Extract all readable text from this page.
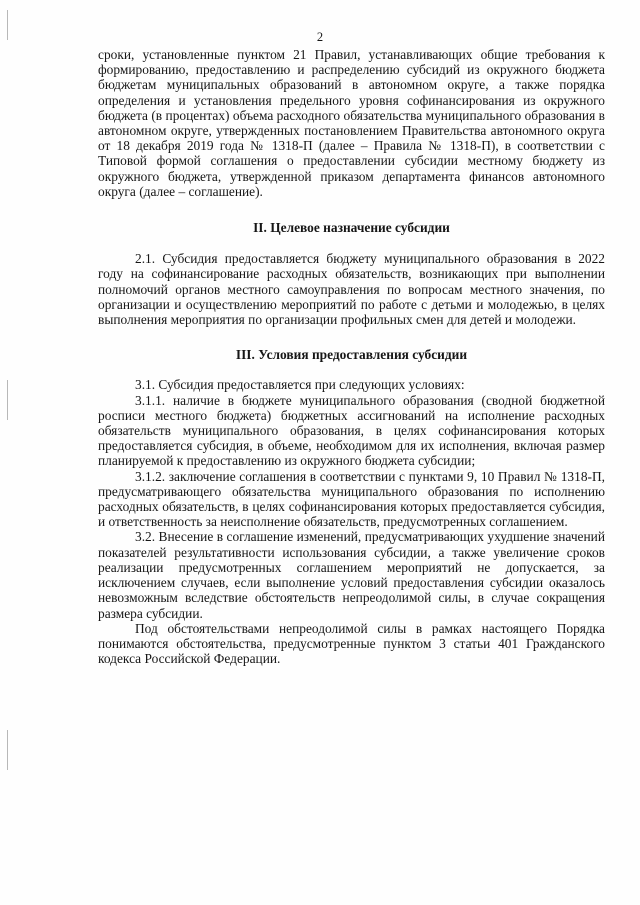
2

сроки, установленные пунктом 21 Правил, устанавливающих общие требования к формированию, предоставлению и распределению субсидий из окружного бюджета бюджетам муниципальных образований в автономном округе, а также порядка определения и установления предельного уровня софинансирования из окружного бюджета (в процентах) объема расходного обязательства муниципального образования в автономном округе, утвержденных постановлением Правительства автономного округа от 18 декабря 2019 года № 1318-П (далее – Правила № 1318-П), в соответствии с Типовой формой соглашения о предоставлении субсидии местному бюджету из окружного бюджета, утвержденной приказом департамента финансов автономного округа (далее – соглашение).

II. Целевое назначение субсидии

2.1. Субсидия предоставляется бюджету муниципального образования в 2022 году на софинансирование расходных обязательств, возникающих при выполнении полномочий органов местного самоуправления по вопросам местного значения, по организации и осуществлению мероприятий по работе с детьми и молодежью, в целях выполнения мероприятия по организации профильных смен для детей и молодежи.

III. Условия предоставления субсидии

3.1. Субсидия предоставляется при следующих условиях:

3.1.1. наличие в бюджете муниципального образования (сводной бюджетной росписи местного бюджета) бюджетных ассигнований на исполнение расходных обязательств муниципального образования, в целях софинансирования которых предоставляется субсидия, в объеме, необходимом для их исполнения, включая размер планируемой к предоставлению из окружного бюджета субсидии;

3.1.2. заключение соглашения в соответствии с пунктами 9, 10 Правил № 1318-П, предусматривающего обязательства муниципального образования по исполнению расходных обязательств, в целях софинансирования которых предоставляется субсидия, и ответственность за неисполнение обязательств, предусмотренных соглашением.

3.2. Внесение в соглашение изменений, предусматривающих ухудшение значений показателей результативности использования субсидии, а также увеличение сроков реализации предусмотренных соглашением мероприятий не допускается, за исключением случаев, если выполнение условий предоставления субсидии оказалось невозможным вследствие обстоятельств непреодолимой силы, в случае сокращения размера субсидии.

Под обстоятельствами непреодолимой силы в рамках настоящего Порядка понимаются обстоятельства, предусмотренные пунктом 3 статьи 401 Гражданского кодекса Российской Федерации.
